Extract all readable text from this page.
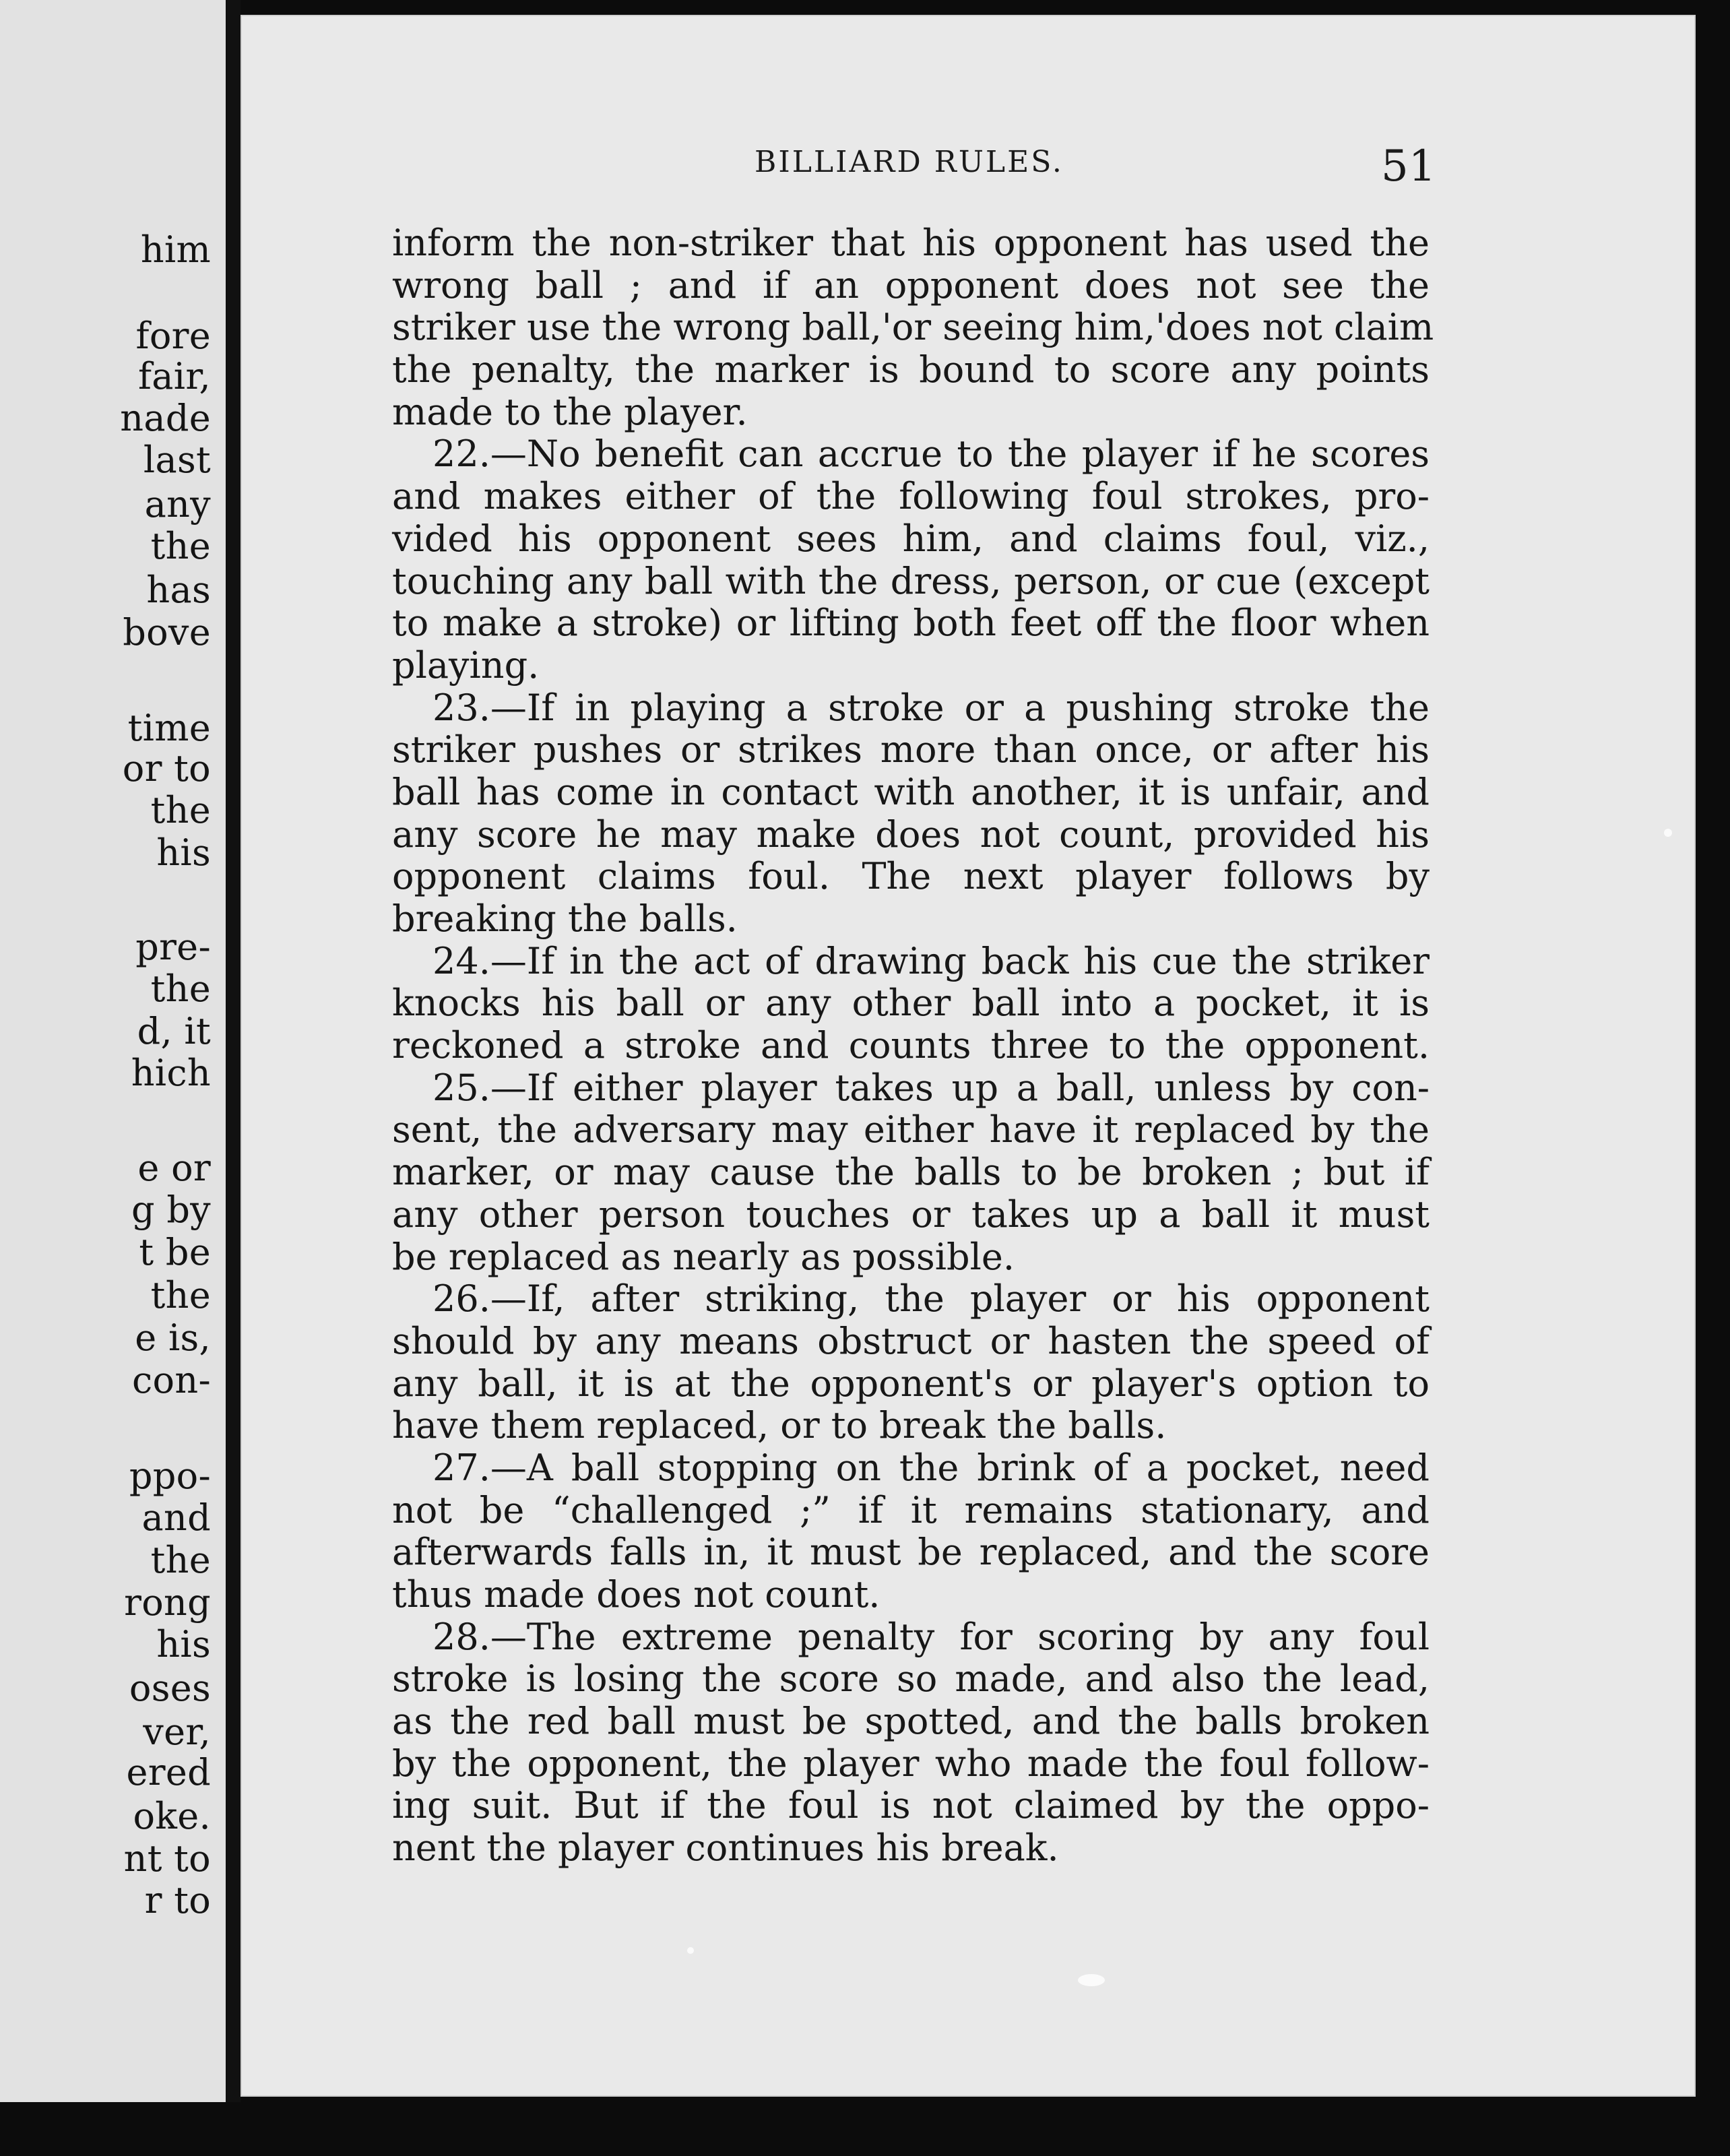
him
fore
fair,
nade
last
any
the
has
bove
time
or to
the
his
pre-
the
d, it
hich
e or
g by
t be
the
e is,
con-
ppo-
and
the
rong
his
oses
ver,
ered
oke.
nt to
r to
BILLIARD RULES.	51
inform the non-striker that his opponent has used the
wrong ball ; and if an opponent does not see the
striker use the wrong ball,'or seeing him,'does not claim
the penalty, the marker is bound to score any points
made to the player.
22.—No benefit can accrue to the player if he scores
and makes either of the following foul strokes, pro-
vided his opponent sees him, and claims foul, viz.,
touching any ball with the dress, person, or cue (except
to make a stroke) or lifting both feet off the floor when
playing.
23.—If in playing a stroke or a pushing stroke the
striker pushes or strikes more than once, or after his
ball has come in contact with another, it is unfair, and
any score he may make does not count, provided his
opponent claims foul. The next player follows by
breaking the balls.
24.—If in the act of drawing back his cue the striker
knocks his ball or any other ball into a pocket, it is
reckoned a stroke and counts three to the opponent.
25.—If either player takes up a ball, unless by con-
sent, the adversary may either have it replaced by the
marker, or may cause the balls to be broken ; but if
any other person touches or takes up a ball it must
be replaced as nearly as possible.
26.—If, after striking, the player or his opponent
should by any means obstruct or hasten the speed of
any ball, it is at the opponent's or player's option to
have them replaced, or to break the balls.
27.—A ball stopping on the brink of a pocket, need
not be “challenged ;” if it remains stationary, and
afterwards falls in, it must be replaced, and the score
thus made does not count.
28.—The extreme penalty for scoring by any foul
stroke is losing the score so made, and also the lead,
as the red ball must be spotted, and the balls broken
by the opponent, the player who made the foul follow-
ing suit. But if the foul is not claimed by the oppo-
nent the player continues his break.
